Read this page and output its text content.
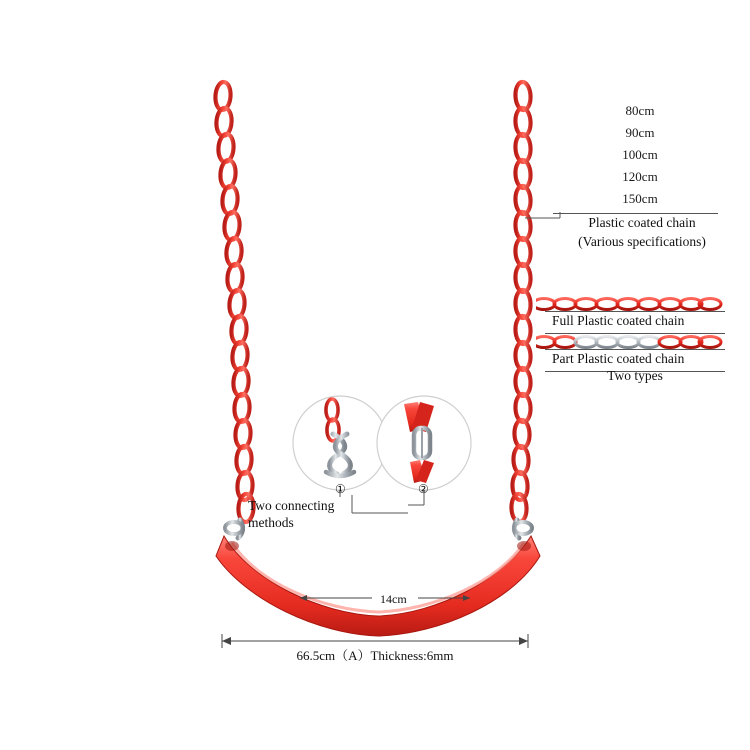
①	②
80cm
90cm
100cm
120cm
150cm
Plastic coated chain
(Various specifications)
Full Plastic coated chain
Part Plastic coated chain
Two types
Two connecting
methods
14cm
66.5cm（A）Thickness:6mm
